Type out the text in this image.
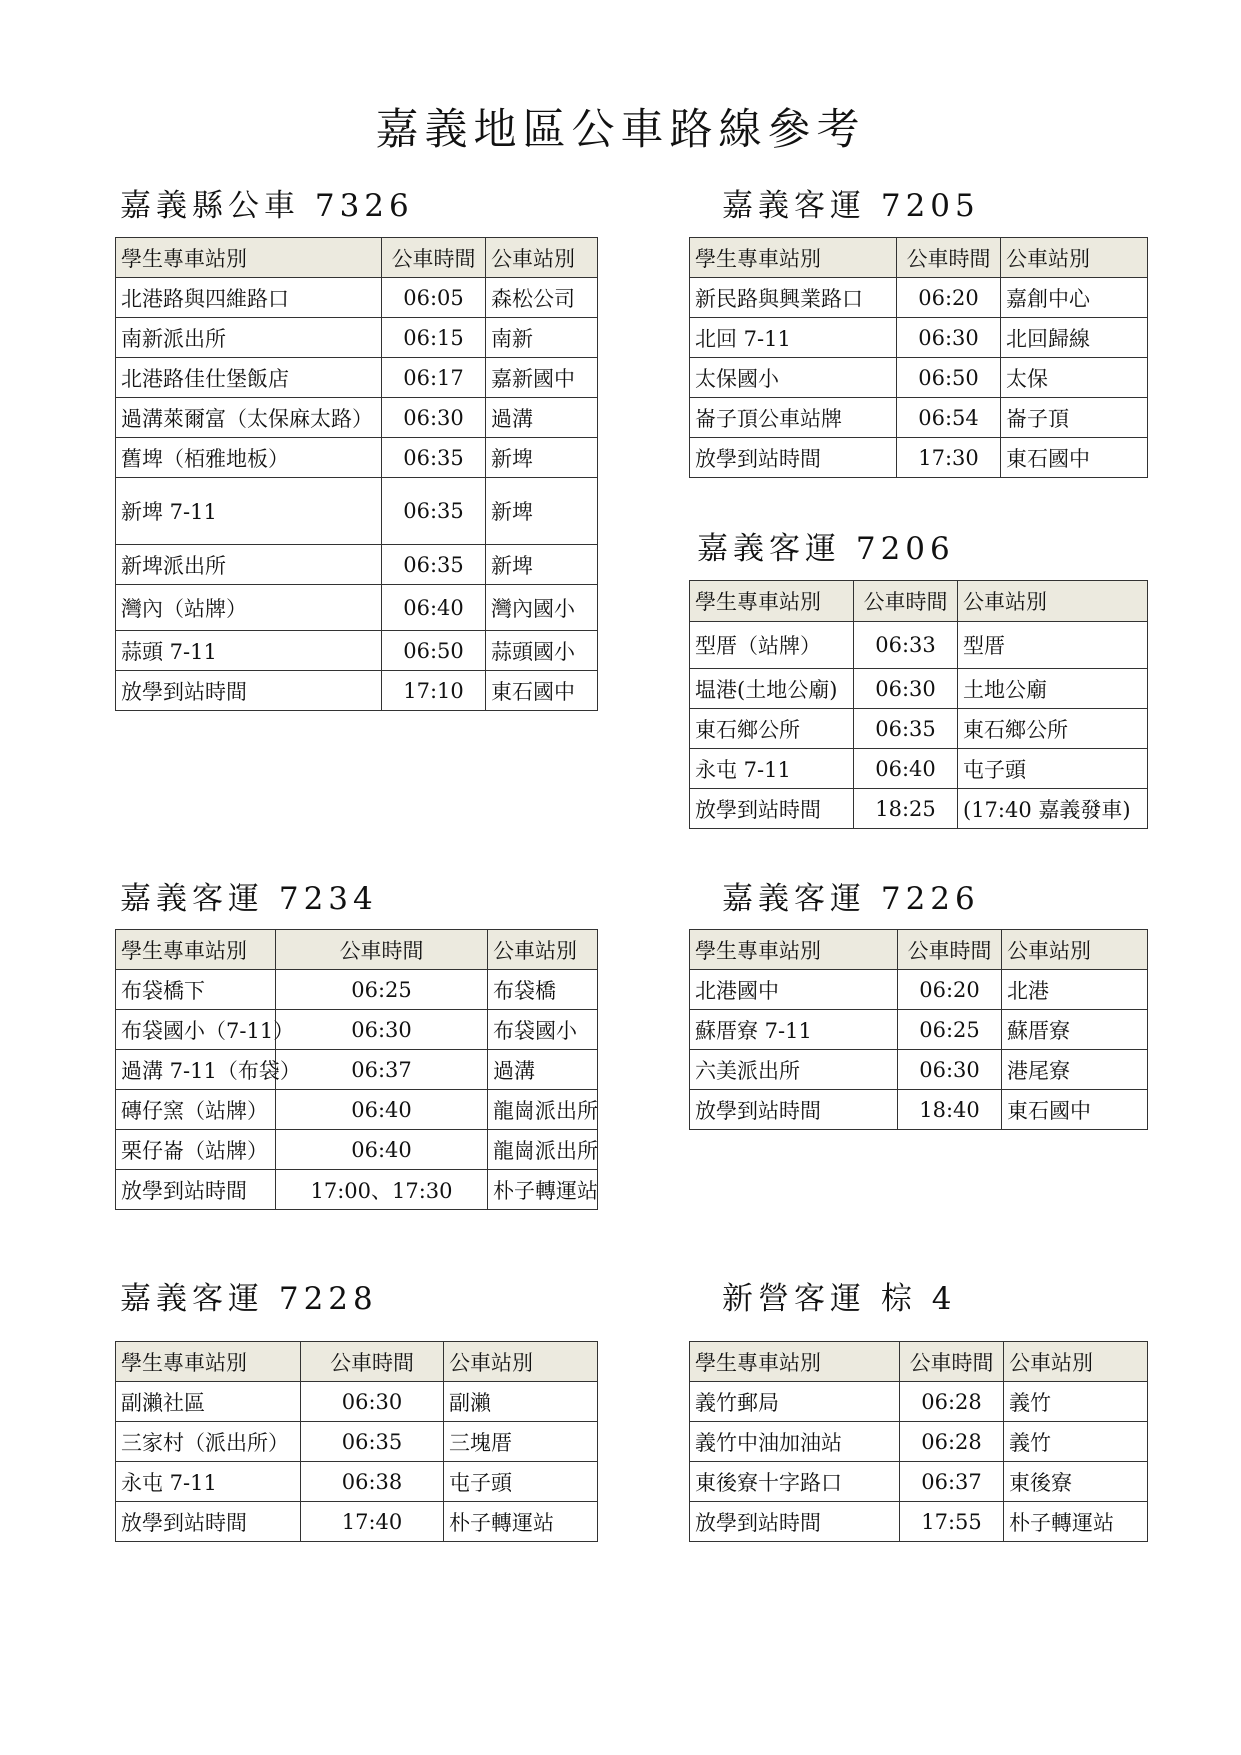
嘉義地區公車路線參考
嘉義縣公車 7326
學生專車站別	公車時間	公車站別
北港路與四維路口	06:05	森松公司
南新派出所	06:15	南新
北港路佳仕堡飯店	06:17	嘉新國中
過溝萊爾富（太保麻太路）	06:30	過溝
舊埤（栢雅地板）	06:35	新埤
新埤 7-11	06:35	新埤
新埤派出所	06:35	新埤
灣內（站牌）	06:40	灣內國小
蒜頭 7-11	06:50	蒜頭國小
放學到站時間	17:10	東石國中
嘉義客運 7205
學生專車站別	公車時間	公車站別
新民路與興業路口	06:20	嘉創中心
北回 7-11	06:30	北回歸線
太保國小	06:50	太保
崙子頂公車站牌	06:54	崙子頂
放學到站時間	17:30	東石國中
嘉義客運 7206
學生專車站別	公車時間	公車站別
型厝（站牌）	06:33	型厝
塭港(土地公廟)	06:30	土地公廟
東石鄉公所	06:35	東石鄉公所
永屯 7-11	06:40	屯子頭
放學到站時間	18:25	(17:40 嘉義發車)
嘉義客運 7234
學生專車站別	公車時間	公車站別
布袋橋下	06:25	布袋橋
布袋國小（7-11）	06:30	布袋國小
過溝 7-11（布袋）	06:37	過溝
磚仔窯（站牌）	06:40	龍崗派出所
栗仔崙（站牌）	06:40	龍崗派出所
放學到站時間	17:00、17:30	朴子轉運站
嘉義客運 7226
學生專車站別	公車時間	公車站別
北港國中	06:20	北港
蘇厝寮 7-11	06:25	蘇厝寮
六美派出所	06:30	港尾寮
放學到站時間	18:40	東石國中
嘉義客運 7228
學生專車站別	公車時間	公車站別
副瀨社區	06:30	副瀨
三家村（派出所）	06:35	三塊厝
永屯 7-11	06:38	屯子頭
放學到站時間	17:40	朴子轉運站
新營客運 棕 4
學生專車站別	公車時間	公車站別
義竹郵局	06:28	義竹
義竹中油加油站	06:28	義竹
東後寮十字路口	06:37	東後寮
放學到站時間	17:55	朴子轉運站
